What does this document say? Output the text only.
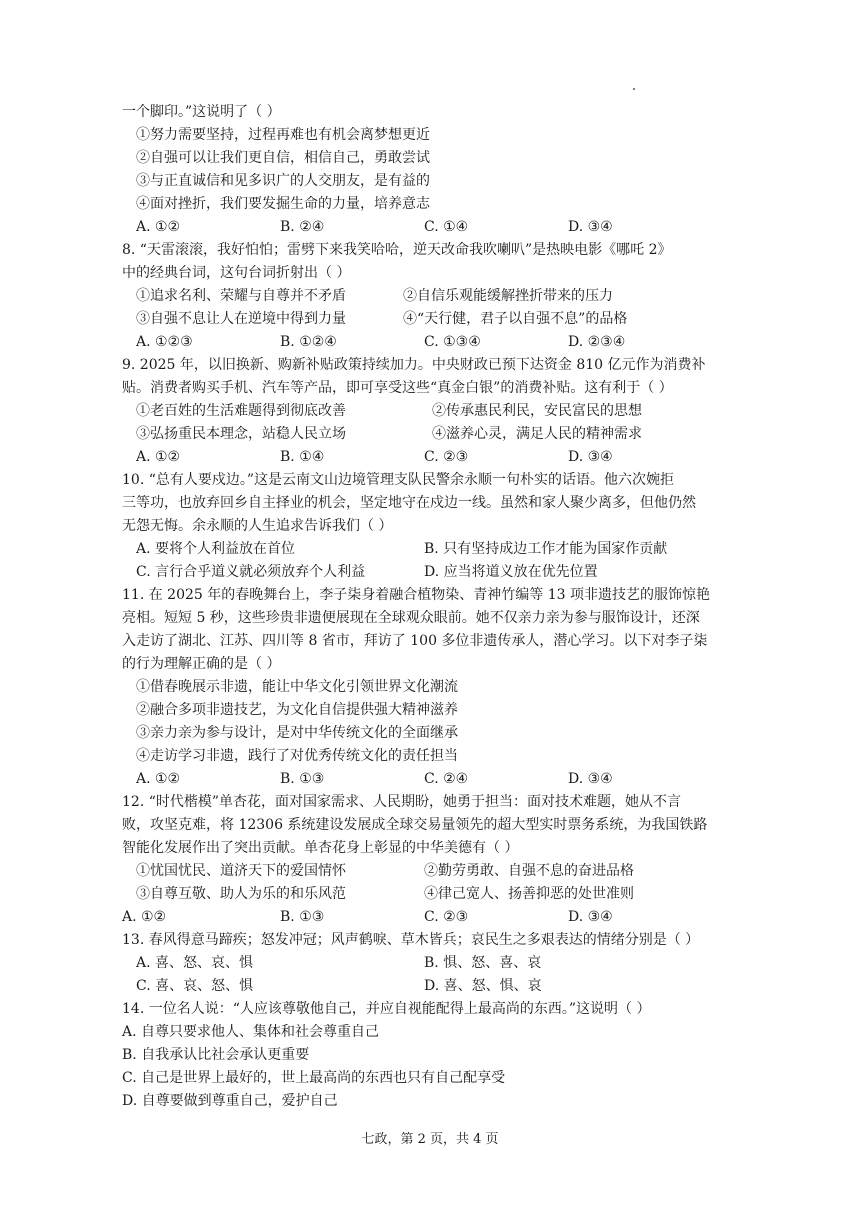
一个脚印。”这说明了（ ）
①努力需要坚持，过程再难也有机会离梦想更近
②自强可以让我们更自信，相信自己，勇敢尝试
③与正直诚信和见多识广的人交朋友，是有益的
④面对挫折，我们要发掘生命的力量，培养意志
A. ①②	B. ②④	C. ①④	D. ③④
8. “天雷滚滚，我好怕怕；雷劈下来我笑哈哈，逆天改命我吹喇叭”是热映电影《哪吒 2》
中的经典台词，这句台词折射出（ ）
①追求名利、荣耀与自尊并不矛盾	②自信乐观能缓解挫折带来的压力
③自强不息让人在逆境中得到力量	④“天行健，君子以自强不息”的品格
A. ①②③	B. ①②④	C. ①③④	D. ②③④
9. 2025 年，以旧换新、购新补贴政策持续加力。中央财政已预下达资金 810 亿元作为消费补
贴。消费者购买手机、汽车等产品，即可享受这些“真金白银”的消费补贴。这有利于（ ）
①老百姓的生活难题得到彻底改善	②传承惠民利民，安民富民的思想
③弘扬重民本理念，站稳人民立场	④滋养心灵，满足人民的精神需求
A. ①②	B. ①④	C. ②③	D. ③④
10. “总有人要戍边。”这是云南文山边境管理支队民警余永顺一句朴实的话语。他六次婉拒
三等功，也放弃回乡自主择业的机会，坚定地守在戍边一线。虽然和家人聚少离多，但他仍然
无怨无悔。余永顺的人生追求告诉我们（ ）
A. 要将个人利益放在首位	B. 只有坚持成边工作才能为国家作贡献
C. 言行合乎道义就必须放弃个人利益	D. 应当将道义放在优先位置
11. 在 2025 年的春晚舞台上，李子柒身着融合植物染、青神竹编等 13 项非遗技艺的服饰惊艳
亮相。短短 5 秒，这些珍贵非遗便展现在全球观众眼前。她不仅亲力亲为参与服饰设计，还深
入走访了湖北、江苏、四川等 8 省市，拜访了 100 多位非遗传承人，潜心学习。以下对李子柒
的行为理解正确的是（ ）
①借春晚展示非遗，能让中华文化引领世界文化潮流
②融合多项非遗技艺，为文化自信提供强大精神滋养
③亲力亲为参与设计，是对中华传统文化的全面继承
④走访学习非遗，践行了对优秀传统文化的责任担当
A. ①②	B. ①③	C. ②④	D. ③④
12. “时代楷模”单杏花，面对国家需求、人民期盼，她勇于担当：面对技术难题，她从不言
败，攻坚克难，将 12306 系统建设发展成全球交易量领先的超大型实时票务系统，为我国铁路
智能化发展作出了突出贡献。单杏花身上彰显的中华美德有（ ）
①忧国忧民、道济天下的爱国情怀	②勤劳勇敢、自强不息的奋进品格
③自尊互敬、助人为乐的和乐风范	④律己宽人、扬善抑恶的处世准则
A. ①②	B. ①③	C. ②③	D. ③④
13. 春风得意马蹄疾；怒发冲冠；风声鹤唳、草木皆兵；哀民生之多艰表达的情绪分别是（ ）
A. 喜、怒、哀、惧	B. 惧、怒、喜、哀
C. 喜、哀、怒、惧	D. 喜、怒、惧、哀
14. 一位名人说：“人应该尊敬他自己，并应自视能配得上最高尚的东西。”这说明（ ）
A. 自尊只要求他人、集体和社会尊重自己
B. 自我承认比社会承认更重要
C. 自己是世界上最好的，世上最高尚的东西也只有自己配享受
D. 自尊要做到尊重自己，爱护自己
七政，第 2 页，共 4 页
